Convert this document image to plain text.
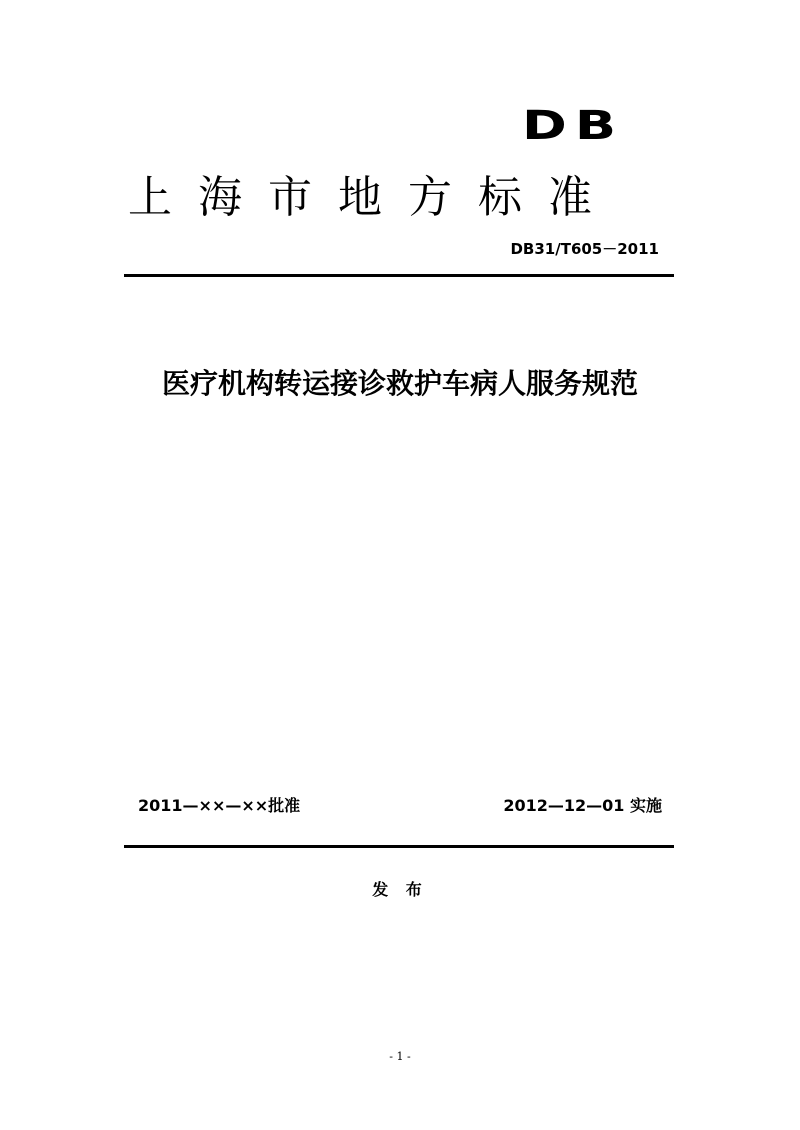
DB
上海市地方标准
DB31/T605－2011
医疗机构转运接诊救护车病人服务规范
2011—××—××批准	2012—12—01 实施
发 布
- 1 -
